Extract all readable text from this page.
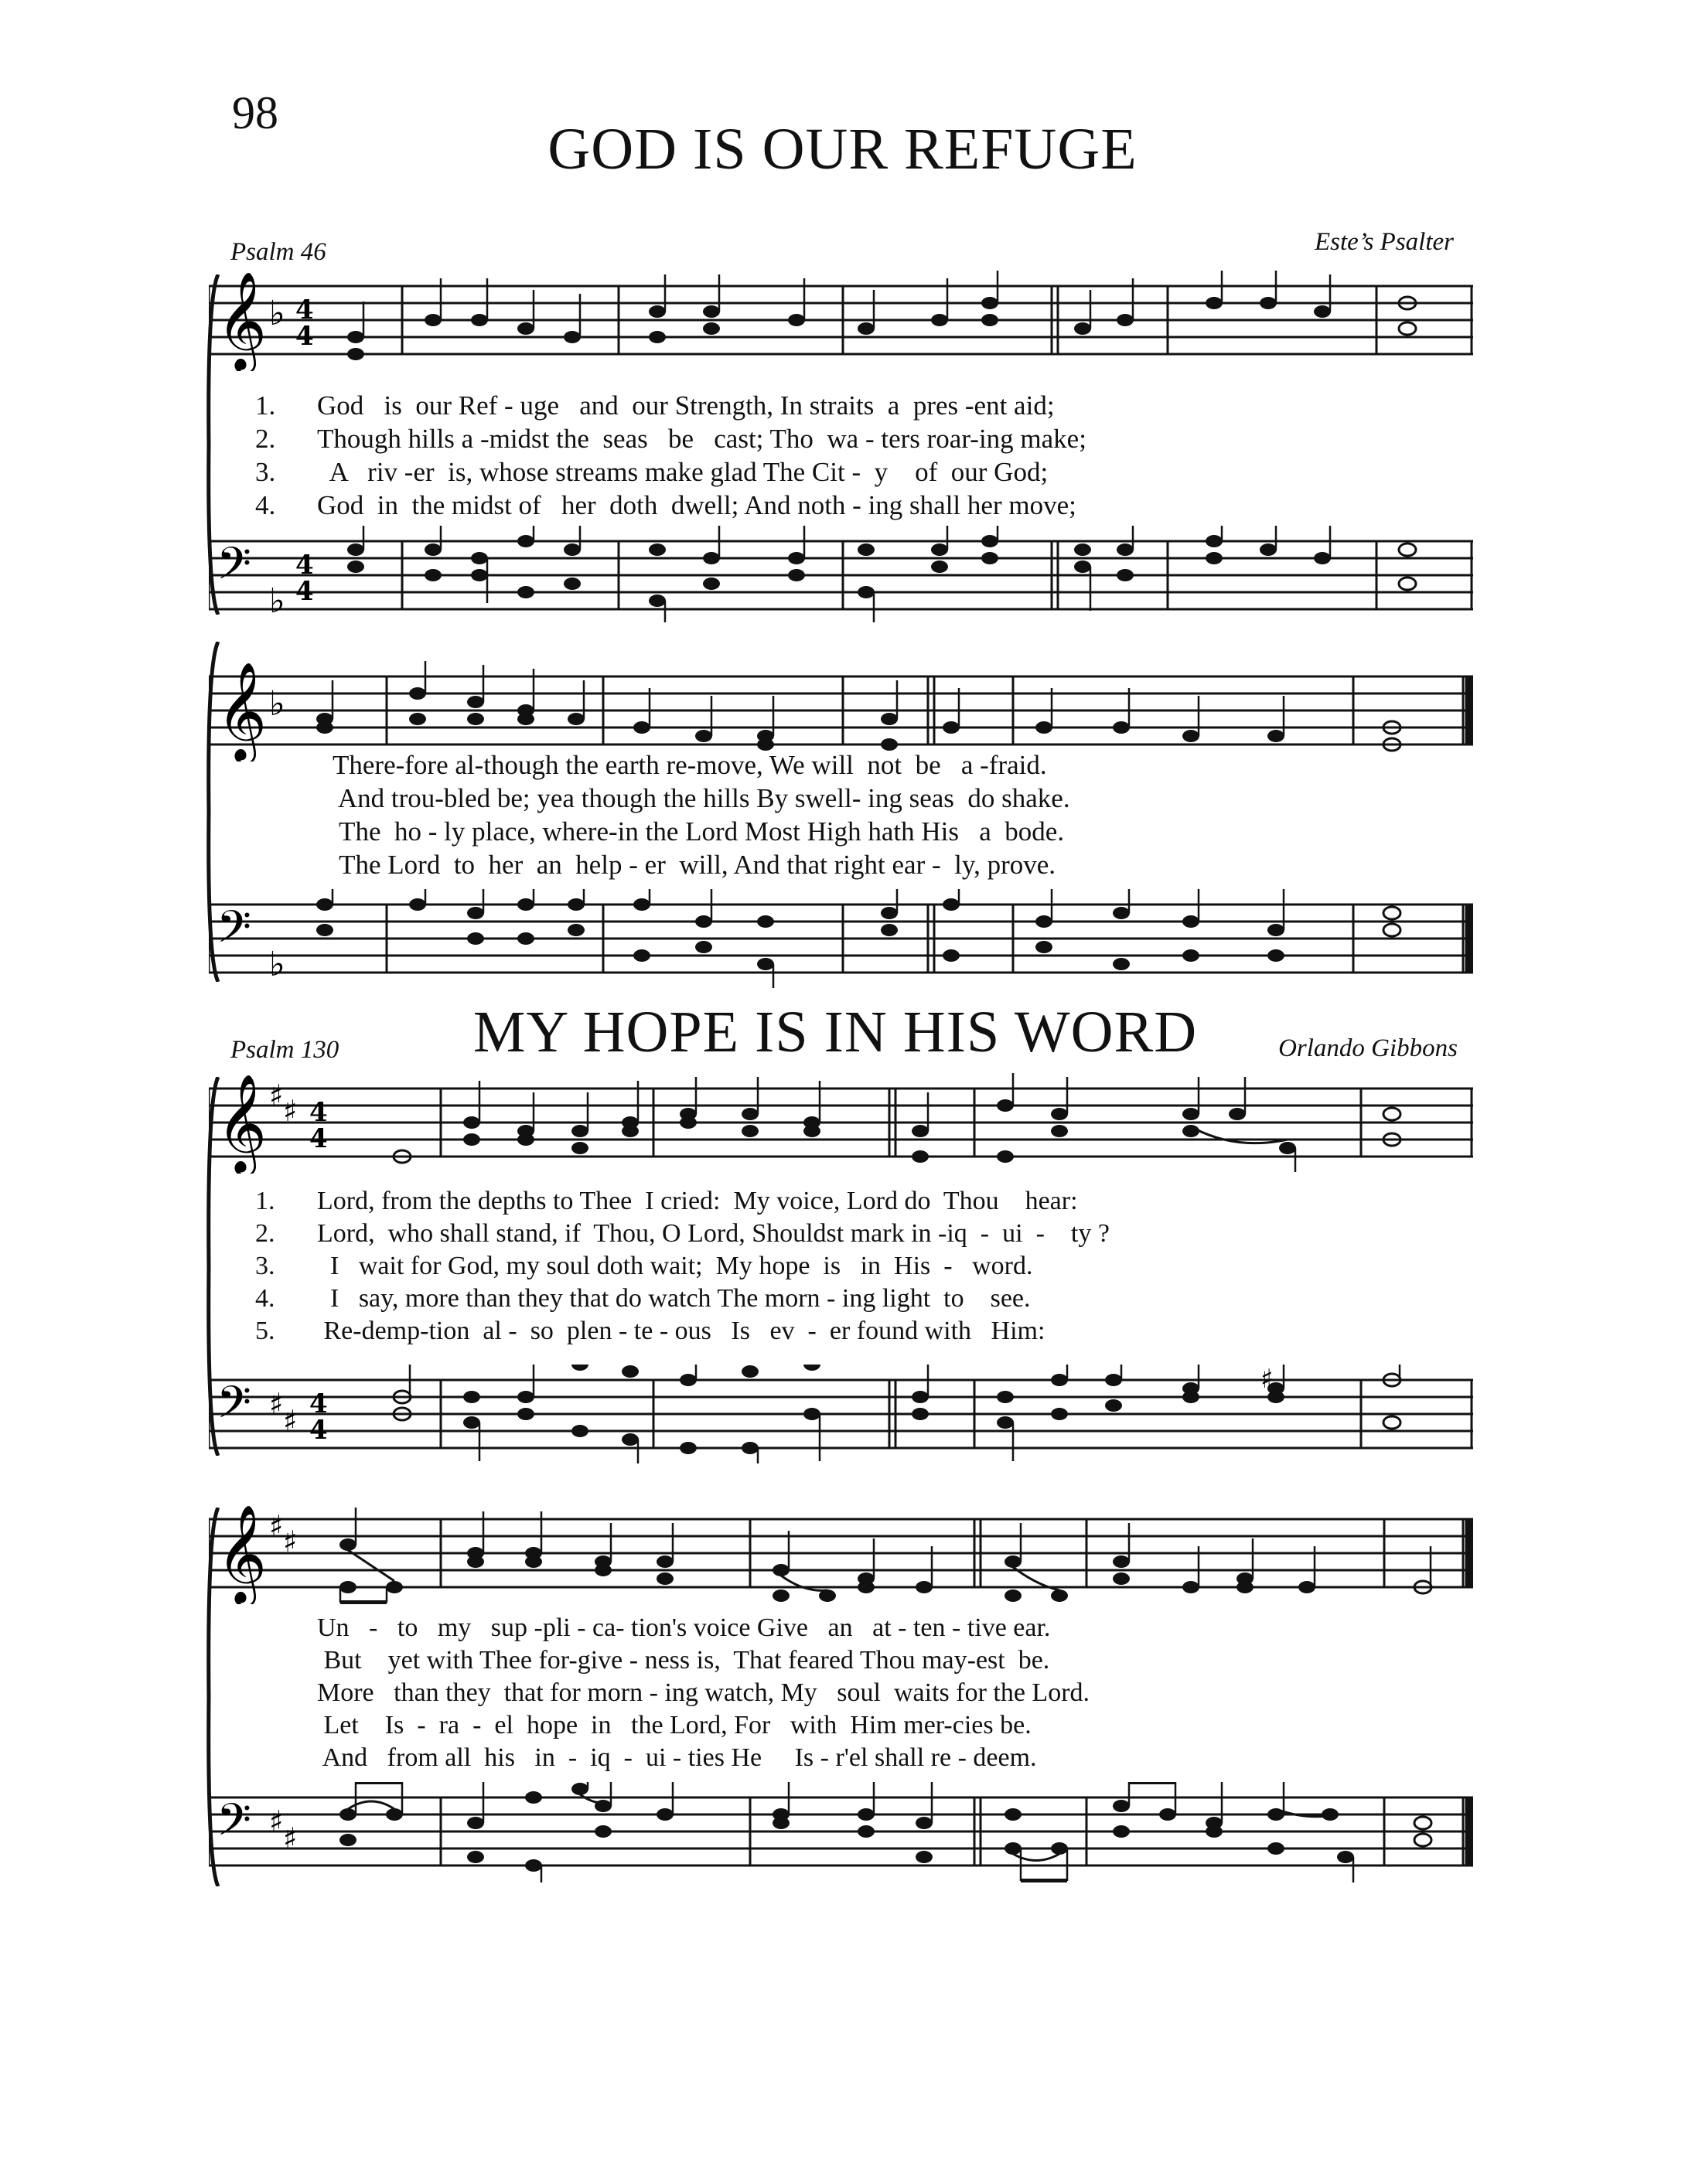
98
GOD IS OUR REFUGE
Psalm 46	Este’s Psalter
𝄞 ♭ 4
4
1.	God   is  our Ref - uge   and  our Strength, In straits  a  pres -ent aid;
2.	Though hills a -midst the  seas   be   cast; Tho  wa - ters roar-ing make;
3.	A   riv -er  is, whose streams make glad The Cit -  y    of  our God;
4.	God  in  the midst of   her  doth  dwell; And noth - ing shall her move;
𝄢
♭
4
4
𝄞 ♭
There-fore al-though the earth re-move, We will  not  be   a -fraid.
And trou-bled be; yea though the hills By swell- ing seas  do shake.
The  ho - ly place, where-in the Lord Most High hath His   a  bode.
The Lord  to  her  an  help - er  will, And that right ear -  ly, prove.
𝄢
♭
MY HOPE IS IN HIS WORD
Psalm 130	Orlando Gibbons
𝄞 ♯ ♯ 4
4
1.	Lord, from the depths to Thee  I cried:  My voice, Lord do  Thou    hear:
2.	Lord,  who shall stand, if  Thou, O Lord, Shouldst mark in -iq  -  ui  -    ty ?
3.	I   wait for God, my soul doth wait;  My hope  is   in  His  -   word.
4.	I   say, more than they that do watch The morn - ing light  to    see.
5.	Re-demp-tion  al -  so  plen - te - ous   Is   ev  -  er found with   Him:
𝄢 ♯ ♯ 4
4
♯
𝄞 ♯ ♯
Un   -   to   my   sup -pli - ca- tion's voice Give   an   at - ten - tive ear.
But    yet with Thee for-give - ness is,  That feared Thou may-est  be.
More   than they  that for morn - ing watch, My   soul  waits for the Lord.
Let    Is  -  ra  -  el  hope  in   the Lord, For   with  Him mer-cies be.
And   from all  his   in  -  iq  -  ui - ties He     Is - r'el shall re - deem.
𝄢 ♯ ♯
